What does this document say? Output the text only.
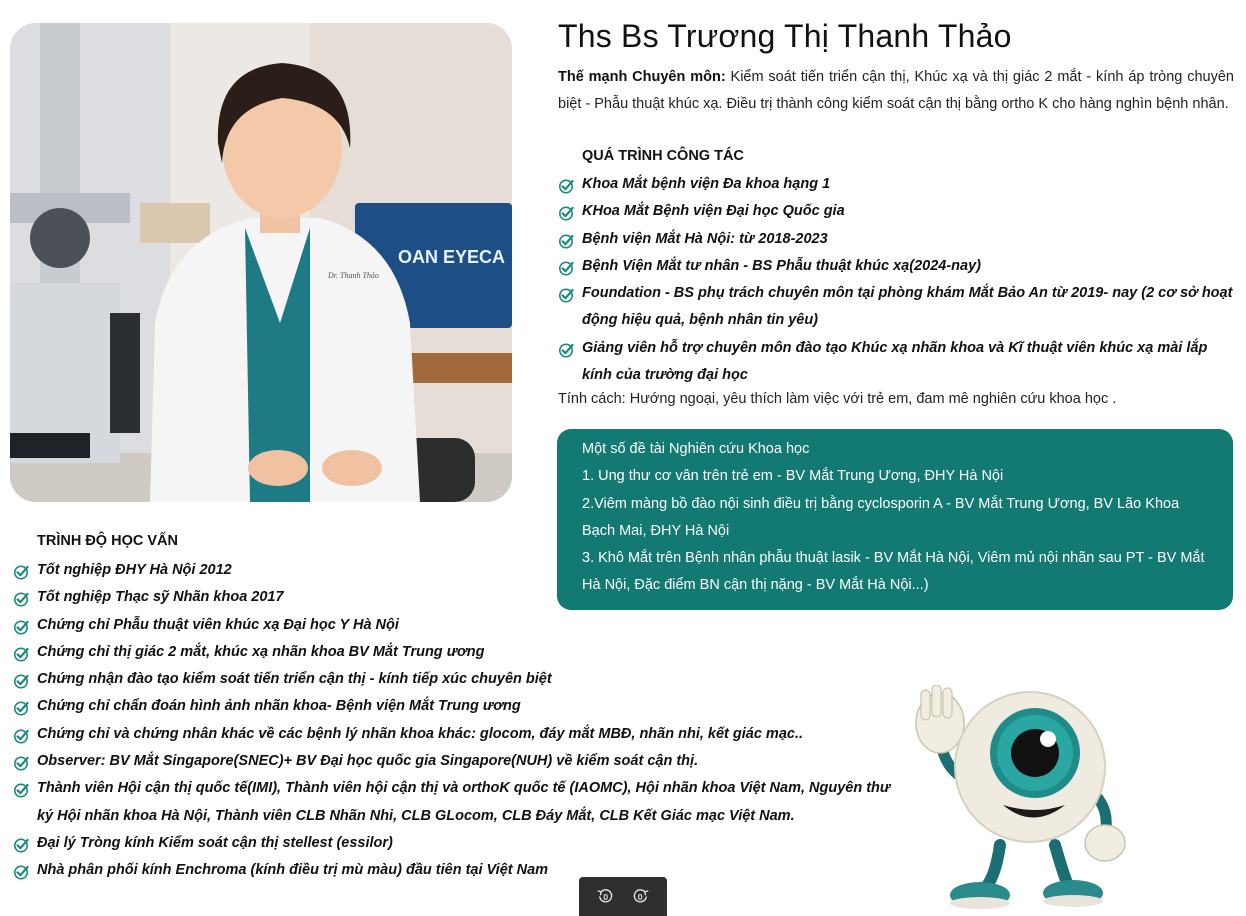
OAN EYECA
Dr. Thanh Thảo
Ths Bs Trương Thị Thanh Thảo

Thế mạnh Chuyên môn: Kiểm soát tiến triển cận thị, Khúc xạ và thị giác 2 mắt - kính áp tròng chuyên biệt - Phẫu thuật khúc xạ. Điều trị thành công kiểm soát cận thị bằng ortho K cho hàng nghìn bệnh nhân.

QUÁ TRÌNH CÔNG TÁC
Khoa Mắt bệnh viện Đa khoa hạng 1
KHoa Mắt Bệnh viện Đại học Quốc gia
Bệnh viện Mắt Hà Nội: từ 2018-2023
Bệnh Viện Mắt tư nhân - BS Phẫu thuật khúc xạ(2024-nay)
Foundation - BS phụ trách chuyên môn tại phòng khám Mắt Bảo An từ 2019- nay (2 cơ sở hoạt động hiệu quả, bệnh nhân tin yêu)
Giảng viên hỗ trợ chuyên môn đào tạo Khúc xạ nhãn khoa và Kĩ thuật viên khúc xạ mài lắp kính của trường đại học

Tính cách: Hướng ngoại, yêu thích làm việc với trẻ em, đam mê nghiên cứu khoa học .

Một số đề tài Nghiên cứu Khoa học

1. Ung thư cơ vân trên trẻ em - BV Mắt Trung Ương, ĐHY Hà Nội

2.Viêm màng bồ đào nội sinh điều trị bằng cyclosporin A - BV Mắt Trung Ương, BV Lão Khoa Bạch Mai, ĐHY Hà Nội

3. Khô Mắt trên Bệnh nhân phẫu thuật lasik - BV Mắt Hà Nội, Viêm mủ nội nhãn sau PT - BV Mắt Hà Nội, Đặc điểm BN cận thị nặng - BV Mắt Hà Nội...)

TRÌNH ĐỘ HỌC VẤN
Tốt nghiệp ĐHY Hà Nội 2012
Tốt nghiệp Thạc sỹ Nhãn khoa 2017
Chứng chỉ Phẫu thuật viên khúc xạ Đại học Y Hà Nội
Chứng chỉ thị giác 2 mắt, khúc xạ nhãn khoa BV Mắt Trung ương
Chứng nhận đào tạo kiểm soát tiến triển cận thị - kính tiếp xúc chuyên biệt
Chứng chỉ chẩn đoán hình ảnh nhãn khoa- Bệnh viện Mắt Trung ương
Chứng chỉ và chứng nhân khác về các bệnh lý nhãn khoa khác: glocom, đáy mắt MBĐ, nhãn nhi, kết giác mạc..
Observer: BV Mắt Singapore(SNEC)+ BV Đại học quốc gia Singapore(NUH) về kiểm soát cận thị.
Thành viên Hội cận thị quốc tế(IMI), Thành viên hội cận thị và orthoK quốc tế (IAOMC), Hội nhãn khoa Việt Nam, Nguyên thư ký Hội nhãn khoa Hà Nội, Thành viên CLB Nhãn Nhi, CLB GLocom, CLB Đáy Mắt, CLB Kết Giác mạc Việt Nam.
Đại lý Tròng kính Kiểm soát cận thị stellest (essilor)
Nhà phân phối kính Enchroma (kính điều trị mù màu) đầu tiên tại Việt Nam
